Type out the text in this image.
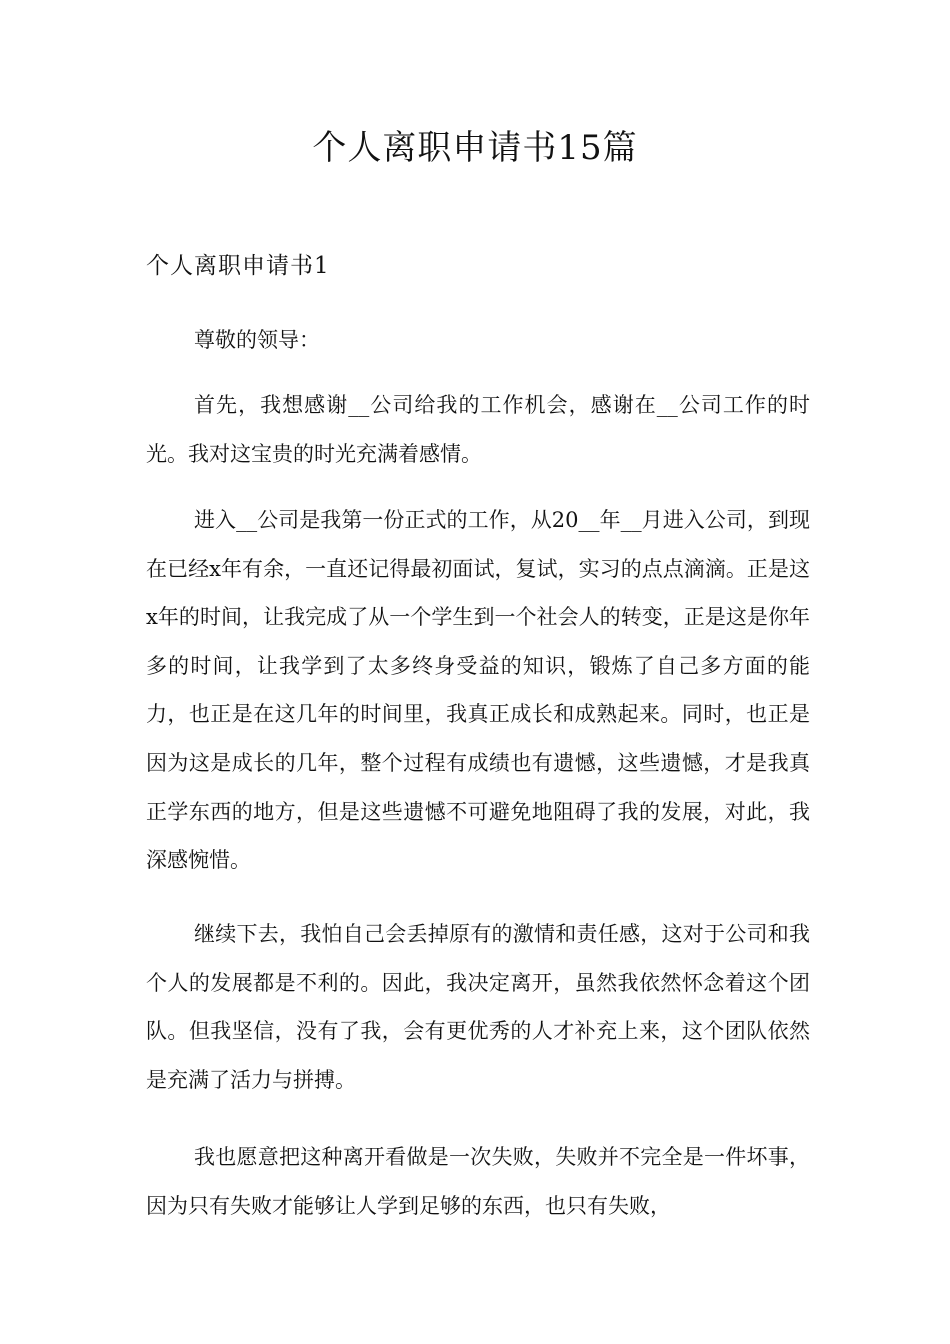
个人离职申请书15篇
个人离职申请书1
尊敬的领导：

首先，我想感谢__公司给我的工作机会，感谢在__公司工作的时光。我对这宝贵的时光充满着感情。

进入__公司是我第一份正式的工作，从20__年__月进入公司，到现在已经x年有余，一直还记得最初面试，复试，实习的点点滴滴。正是这x年的时间，让我完成了从一个学生到一个社会人的转变，正是这是你年多的时间，让我学到了太多终身受益的知识，锻炼了自己多方面的能力，也正是在这几年的时间里，我真正成长和成熟起来。同时，也正是因为这是成长的几年，整个过程有成绩也有遗憾，这些遗憾，才是我真正学东西的地方，但是这些遗憾不可避免地阻碍了我的发展，对此，我深感惋惜。

继续下去，我怕自己会丢掉原有的激情和责任感，这对于公司和我个人的发展都是不利的。因此，我决定离开，虽然我依然怀念着这个团队。但我坚信，没有了我，会有更优秀的人才补充上来，这个团队依然是充满了活力与拼搏。

我也愿意把这种离开看做是一次失败，失败并不完全是一件坏事，因为只有失败才能够让人学到足够的东西，也只有失败，
